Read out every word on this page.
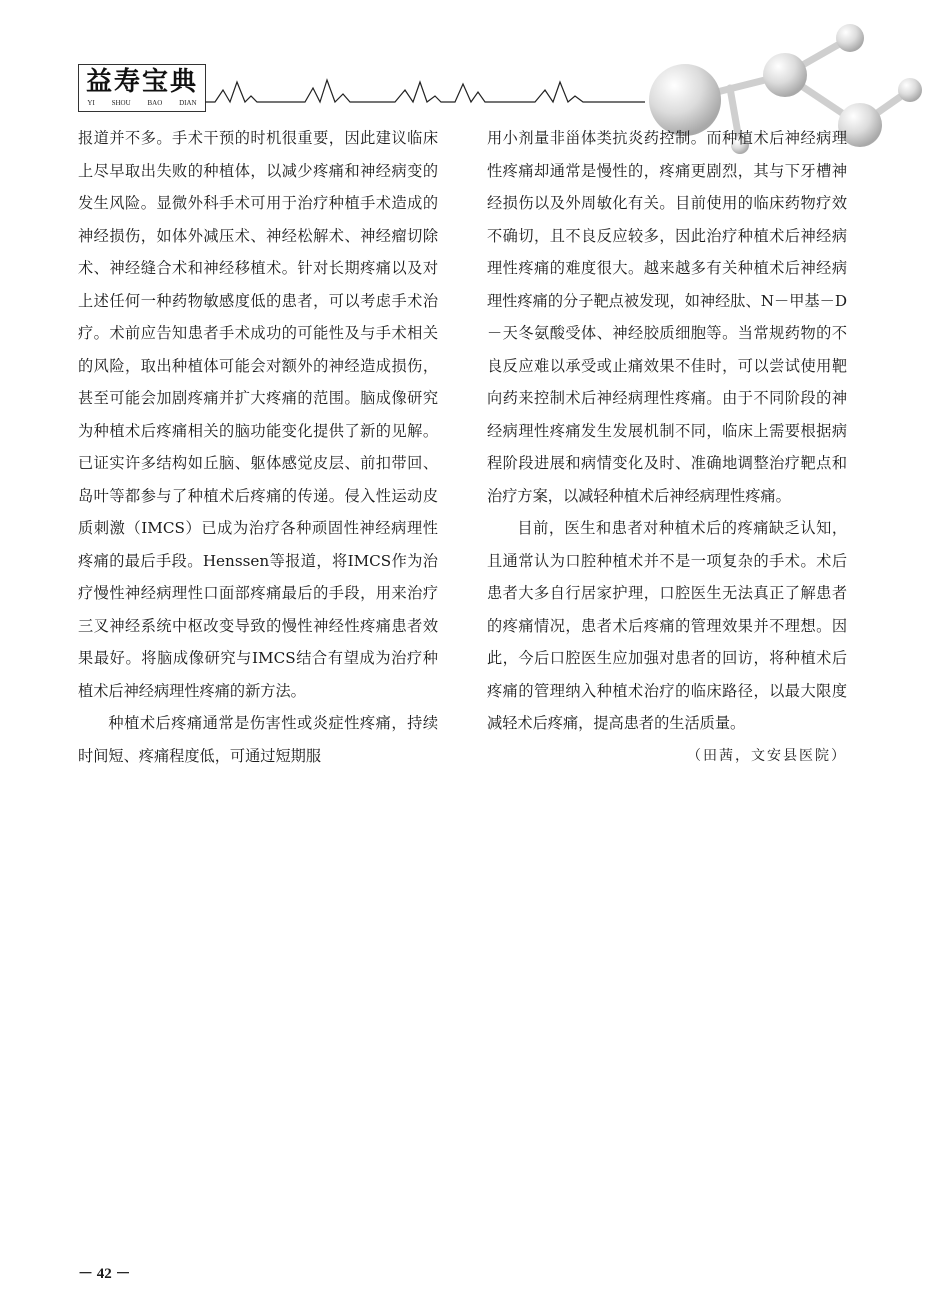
益寿宝典
YI SHOU BAO DIAN

报道并不多。手术干预的时机很重要，因此建议临床上尽早取出失败的种植体，以减少疼痛和神经病变的发生风险。显微外科手术可用于治疗种植手术造成的神经损伤，如体外减压术、神经松解术、神经瘤切除术、神经缝合术和神经移植术。针对长期疼痛以及对上述任何一种药物敏感度低的患者，可以考虑手术治疗。术前应告知患者手术成功的可能性及与手术相关的风险，取出种植体可能会对额外的神经造成损伤，甚至可能会加剧疼痛并扩大疼痛的范围。脑成像研究为种植术后疼痛相关的脑功能变化提供了新的见解。已证实许多结构如丘脑、躯体感觉皮层、前扣带回、岛叶等都参与了种植术后疼痛的传递。侵入性运动皮质刺激（IMCS）已成为治疗各种顽固性神经病理性疼痛的最后手段。Henssen等报道，将IMCS作为治疗慢性神经病理性口面部疼痛最后的手段，用来治疗三叉神经系统中枢改变导致的慢性神经性疼痛患者效果最好。将脑成像研究与IMCS结合有望成为治疗种植术后神经病理性疼痛的新方法。

种植术后疼痛通常是伤害性或炎症性疼痛，持续时间短、疼痛程度低，可通过短期服

用小剂量非甾体类抗炎药控制。而种植术后神经病理性疼痛却通常是慢性的，疼痛更剧烈，其与下牙槽神经损伤以及外周敏化有关。目前使用的临床药物疗效不确切，且不良反应较多，因此治疗种植术后神经病理性疼痛的难度很大。越来越多有关种植术后神经病理性疼痛的分子靶点被发现，如神经肽、N－甲基－D－天冬氨酸受体、神经胶质细胞等。当常规药物的不良反应难以承受或止痛效果不佳时，可以尝试使用靶向药来控制术后神经病理性疼痛。由于不同阶段的神经病理性疼痛发生发展机制不同，临床上需要根据病程阶段进展和病情变化及时、准确地调整治疗靶点和治疗方案，以减轻种植术后神经病理性疼痛。

目前，医生和患者对种植术后的疼痛缺乏认知，且通常认为口腔种植术并不是一项复杂的手术。术后患者大多自行居家护理，口腔医生无法真正了解患者的疼痛情况，患者术后疼痛的管理效果并不理想。因此，今后口腔医生应加强对患者的回访，将种植术后疼痛的管理纳入种植术治疗的临床路径，以最大限度减轻术后疼痛，提高患者的生活质量。

（田茜，文安县医院）

－ 42 －
